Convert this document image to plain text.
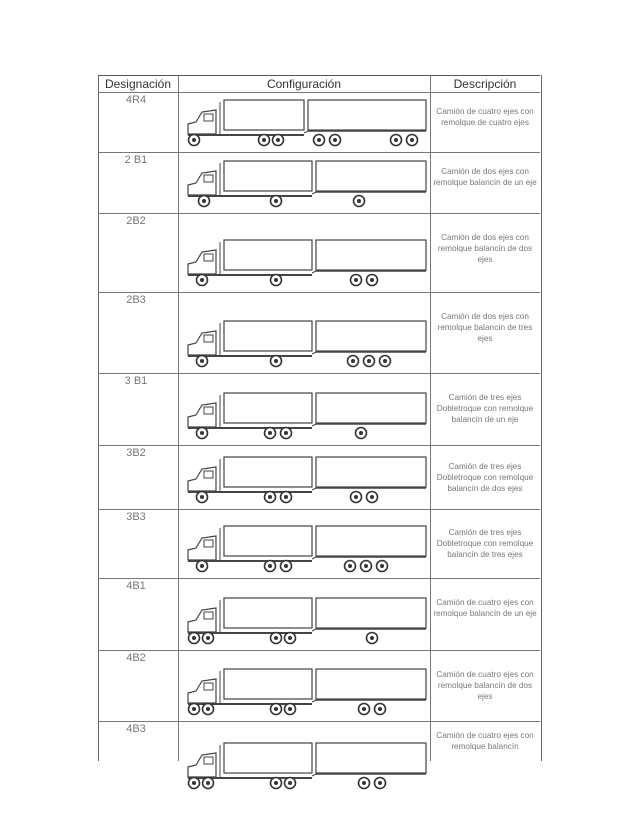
Designación	Configuración	Descripción
4R4
Camión de cuatro ejes con remolque de cuatro ejes
2 B1
Camión de dos ejes con remolque balancín de un eje
2B2
Camión de dos ejes con remolque balancín de dos ejes
2B3
Camión de dos ejes con remolque balancín de tres ejes
3 B1
Camión de tres ejes Dobletroque con remolque balancín de un eje
3B2
Camión de tres ejes Dobletroque con remolque balancín de dos ejes
3B3
Camión de tres ejes Dobletroque con remolque balancín de tres ejes
4B1
Camión de cuatro ejes con remolque balancín de un eje
4B2
Camión de cuatro ejes con remolque balancín de dos ejes
4B3
Camión de cuatro ejes con remolque balancín
